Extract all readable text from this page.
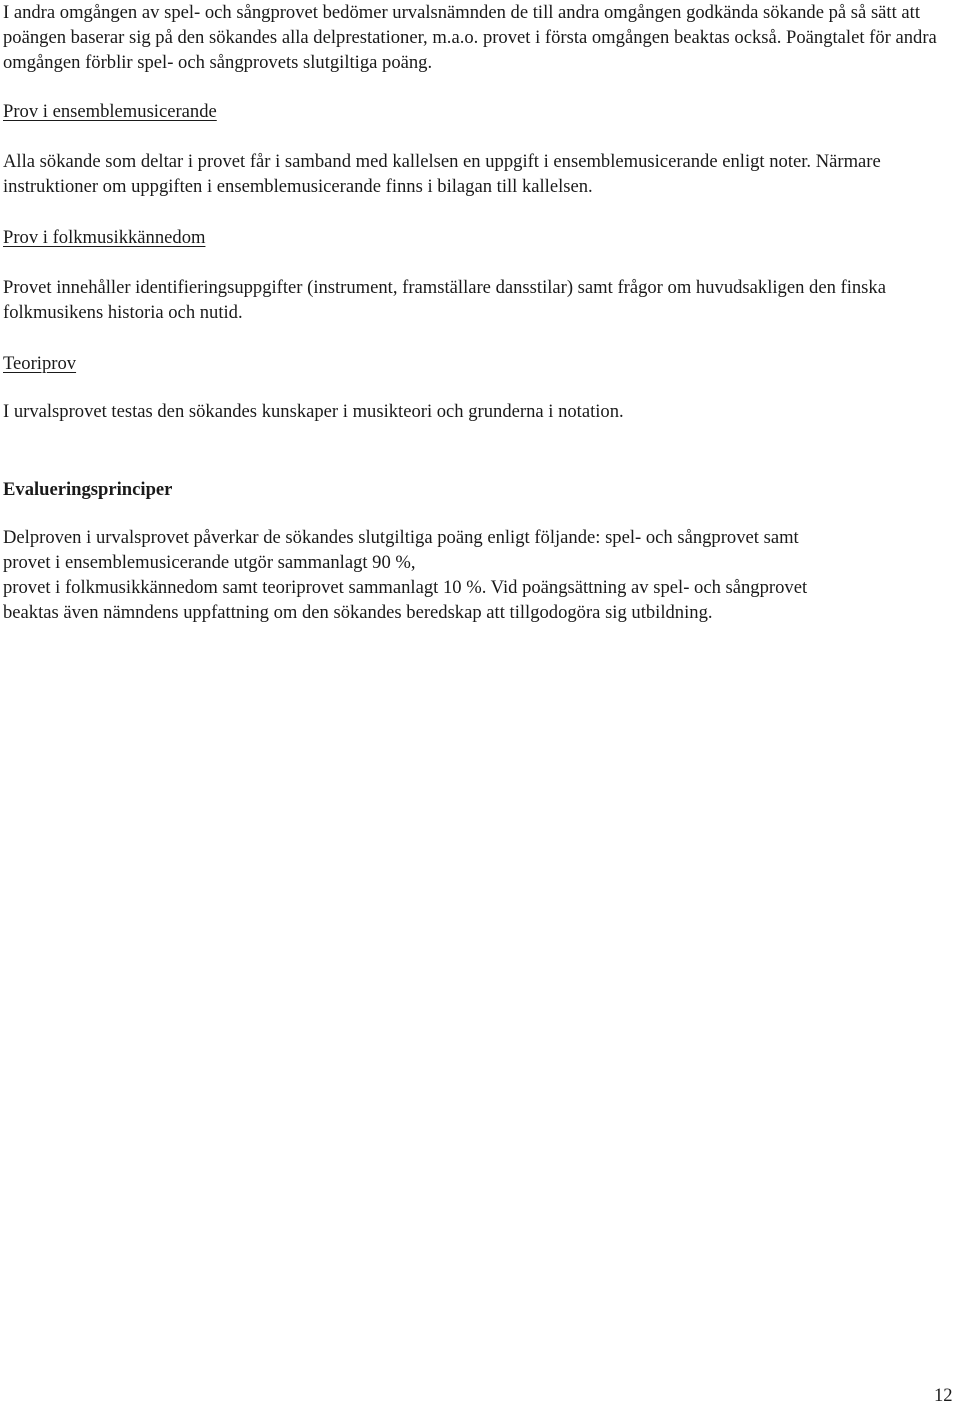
I andra omgången av spel- och sångprovet bedömer urvalsnämnden de till andra omgången godkända sökande på så sätt att poängen baserar sig på den sökandes alla delprestationer, m.a.o. provet i första omgången beaktas också. Poängtalet för andra omgången förblir spel- och sångprovets slutgiltiga poäng.

Prov i ensemblemusicerande

Alla sökande som deltar i provet får i samband med kallelsen en uppgift i ensemblemusicerande enligt noter. Närmare instruktioner om uppgiften i ensemblemusicerande finns i bilagan till kallelsen.

Prov i folkmusikkännedom

Provet innehåller identifieringsuppgifter (instrument, framställare dansstilar) samt frågor om huvudsakligen den finska folkmusikens historia och nutid.

Teoriprov

I urvalsprovet testas den sökandes kunskaper i musikteori och grunderna i notation.

Evalueringsprinciper

Delproven i urvalsprovet påverkar de sökandes slutgiltiga poäng enligt följande: spel- och sångprovet samt

provet i ensemblemusicerande utgör sammanlagt 90 %,

provet i folkmusikkännedom samt teoriprovet sammanlagt 10 %. Vid poängsättning av spel- och sångprovet

beaktas även nämndens uppfattning om den sökandes beredskap att tillgodogöra sig utbildning.

12
